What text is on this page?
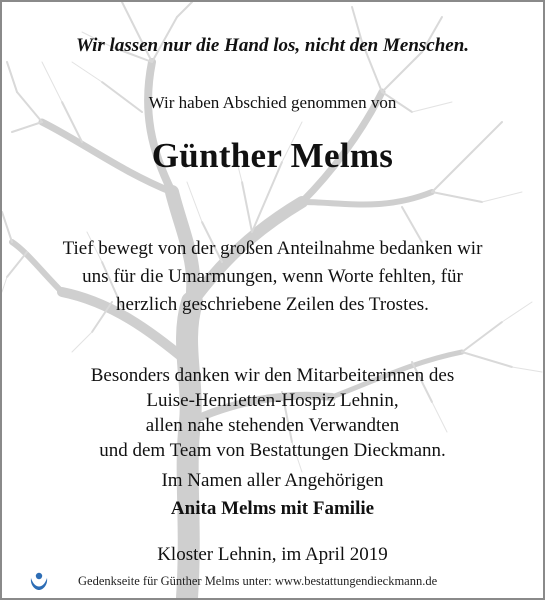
Wir lassen nur die Hand los, nicht den Menschen.
Wir haben Abschied genommen von
Günther Melms
Tief bewegt von der großen Anteilnahme bedanken wir
uns für die Umarmungen, wenn Worte fehlten, für
herzlich geschriebene Zeilen des Trostes.
Besonders danken wir den Mitarbeiterinnen des
Luise-Henrietten-Hospiz Lehnin,
allen nahe stehenden Verwandten
und dem Team von Bestattungen Dieckmann.
Im Namen aller Angehörigen
Anita Melms mit Familie
Kloster Lehnin, im April 2019
Gedenkseite für Günther Melms unter: www.bestattungendieckmann.de
